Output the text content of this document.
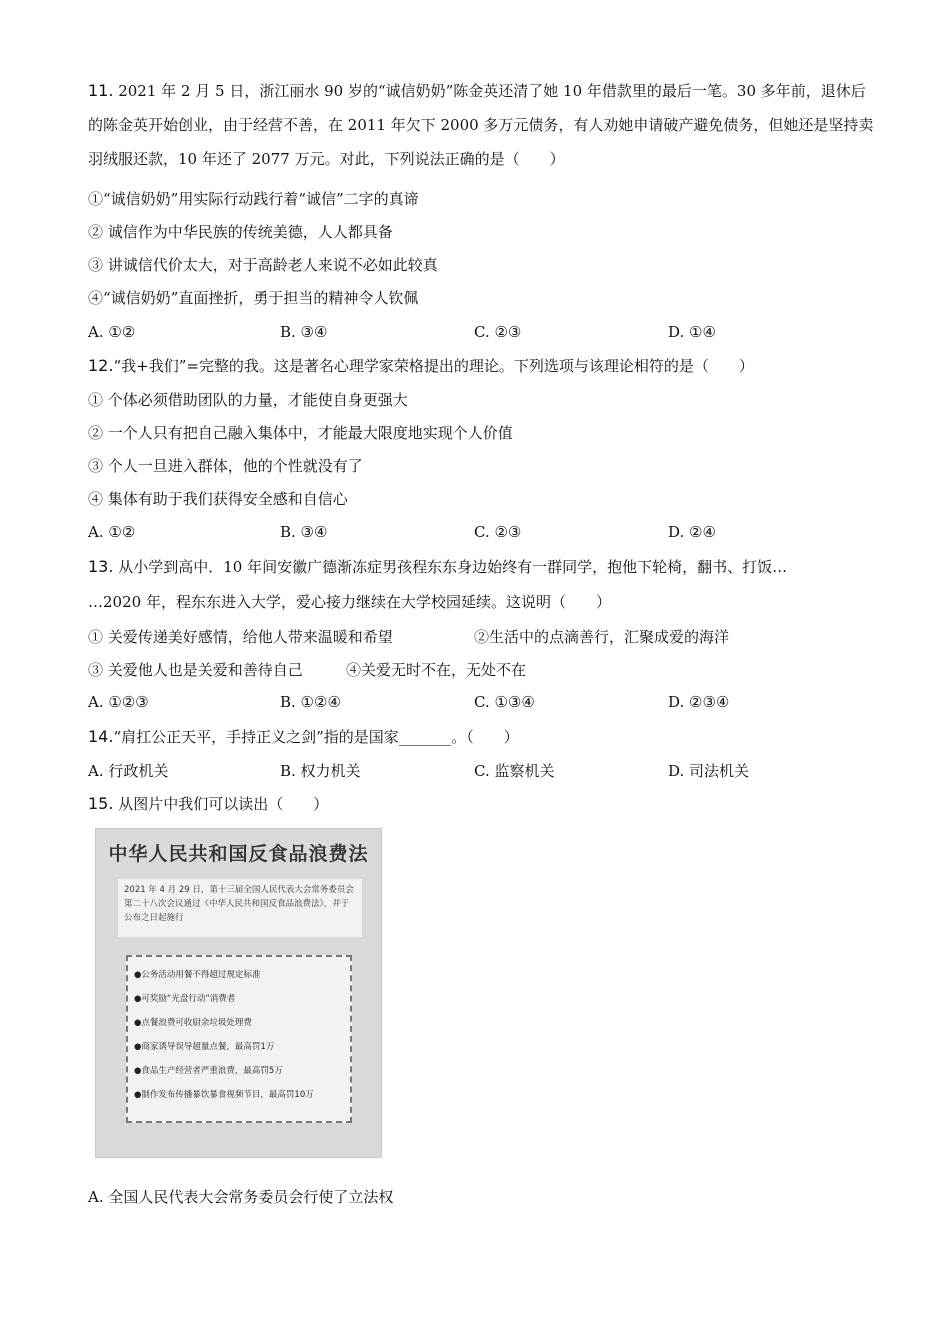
11. 2021 年 2 月 5 日，浙江丽水 90 岁的“诚信奶奶”陈金英还清了她 10 年借款里的最后一笔。30 多年前，退休后的陈金英开始创业，由于经营不善，在 2011 年欠下 2000 多万元债务，有人劝她申请破产避免债务，但她还是坚持卖羽绒服还款，10 年还了 2077 万元。对此，下列说法正确的是（　　）
①“诚信奶奶”用实际行动践行着“诚信”二字的真谛
② 诚信作为中华民族的传统美德，人人都具备
③ 讲诚信代价太大，对于高龄老人来说不必如此较真
④“诚信奶奶”直面挫折，勇于担当的精神令人钦佩
A. ①②	B. ③④	C. ②③	D. ①④
12.“我+我们”=完整的我。这是著名心理学家荣格提出的理论。下列选项与该理论相符的是（　　）
① 个体必须借助团队的力量，才能使自身更强大
② 一个人只有把自己融入集体中，才能最大限度地实现个人价值
③ 个人一旦进入群体，他的个性就没有了
④ 集体有助于我们获得安全感和自信心
A. ①②	B. ③④	C. ②③	D. ②④
13. 从小学到高中．10 年间安徽广德渐冻症男孩程东东身边始终有一群同学，抱他下轮椅，翻书、打饭…
…2020 年，程东东进入大学，爱心接力继续在大学校园延续。这说明（　　）
① 关爱传递美好感情，给他人带来温暖和希望	②生活中的点滴善行，汇聚成爱的海洋
③ 关爱他人也是关爱和善待自己	④关爱无时不在，无处不在
A. ①②③	B. ①②④	C. ①③④	D. ②③④
14.“肩扛公正天平，手持正义之剑”指的是国家_______。（　　）
A. 行政机关	B. 权力机关	C. 监察机关	D. 司法机关
15. 从图片中我们可以读出（　　）
中华人民共和国反食品浪费法
2021 年 4 月 29 日，第十三届全国人民代表大会常务委员会第二十八次会议通过《中华人民共和国反食品浪费法》，并于公布之日起施行
●公务活动用餐不得超过规定标准
●可奖励“光盘行动”消费者
●点餐浪费可收厨余垃圾处理费
●商家诱导误导超量点餐，最高罚1万
●食品生产经营者严重浪费，最高罚5万
●制作发布传播暴饮暴食视频节目，最高罚10万
A. 全国人民代表大会常务委员会行使了立法权
